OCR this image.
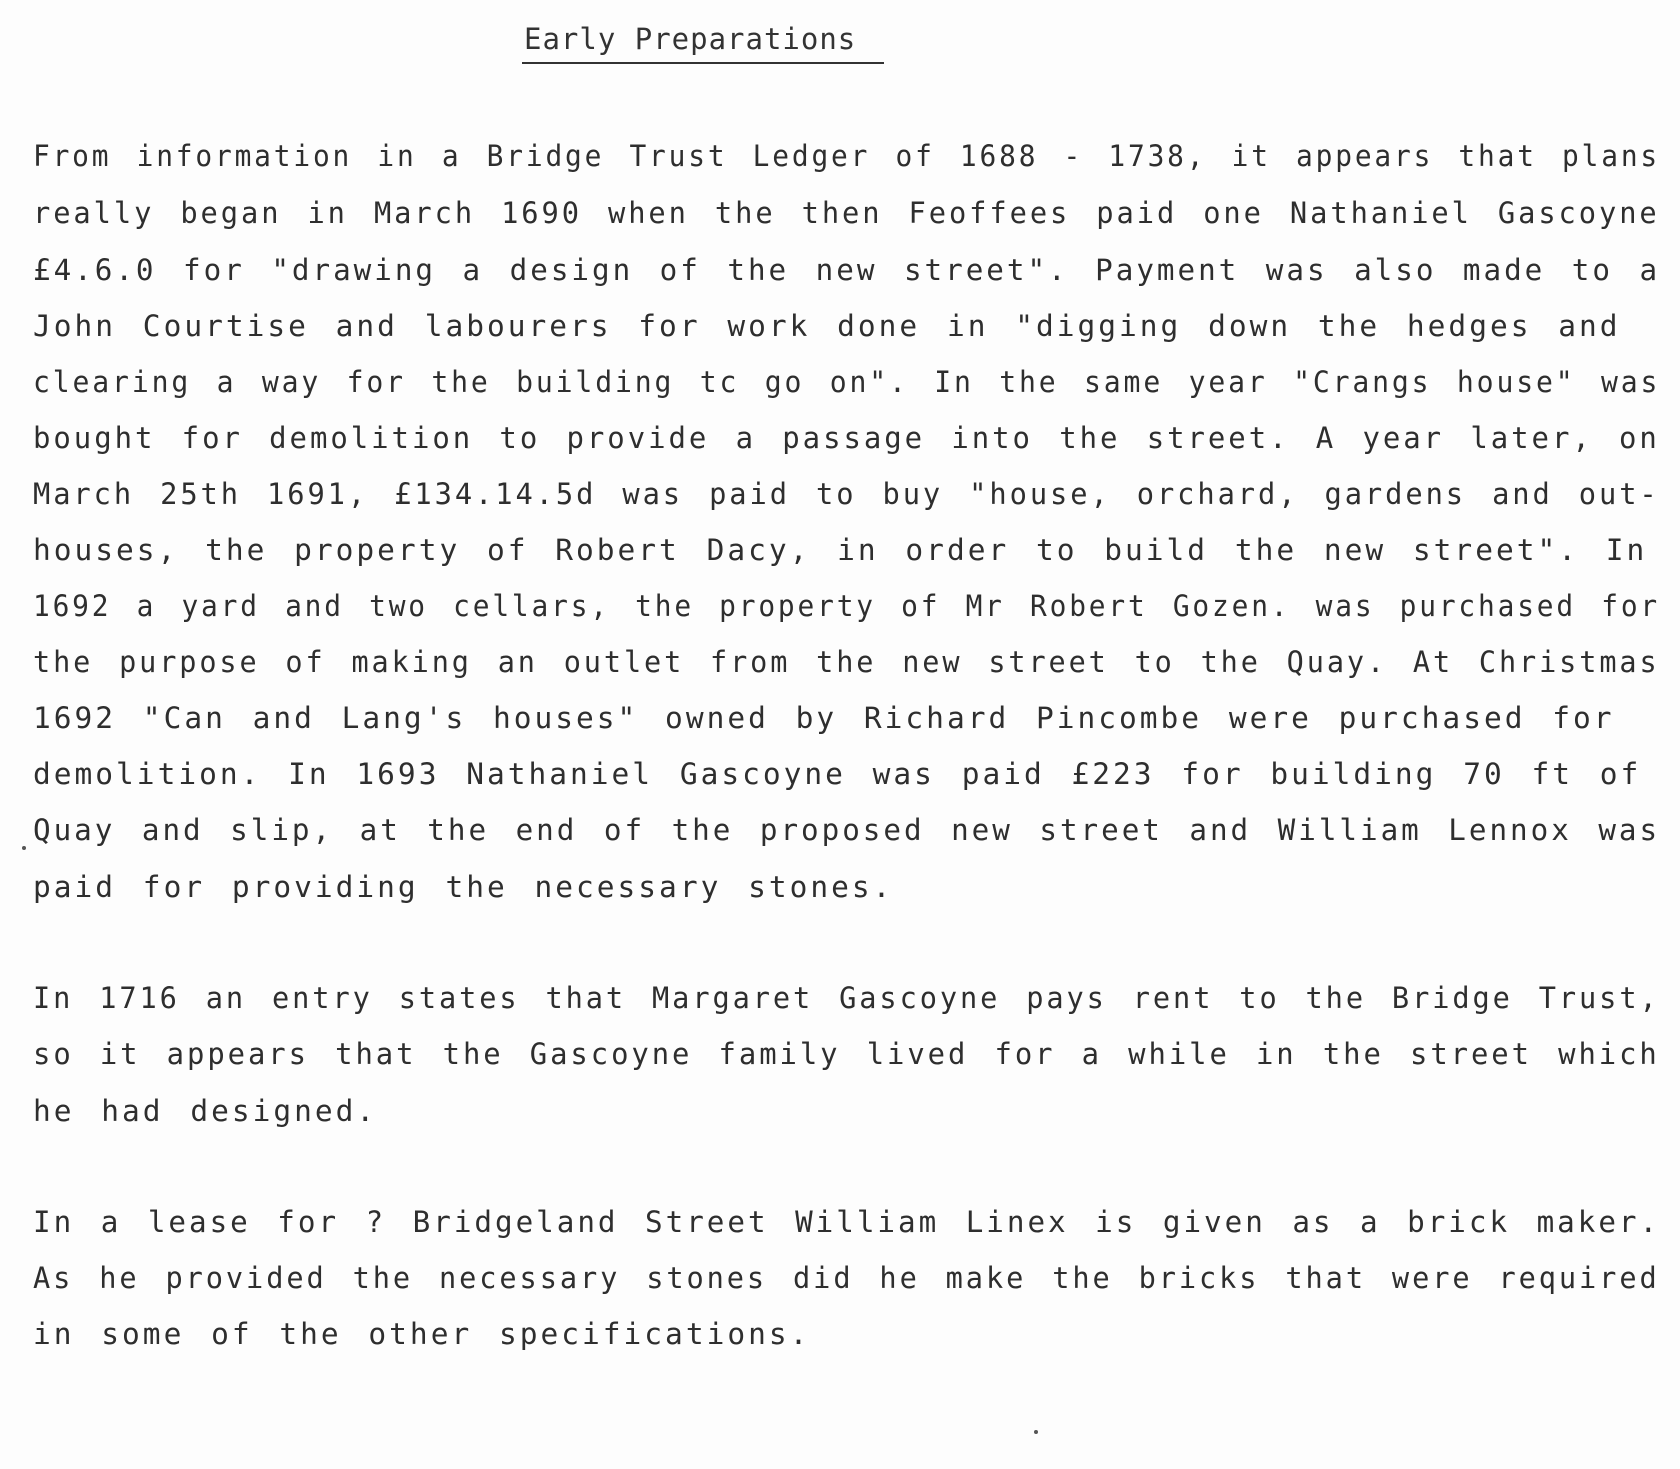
Early Preparations
From information in a Bridge Trust Ledger of 1688 - 1738, it appears that plans
really began in March 1690 when the then Feoffees paid one Nathaniel Gascoyne
£4.6.0 for "drawing a design of the new street". Payment was also made to a
John Courtise and labourers for work done in "digging down the hedges and
clearing a way for the building tc go on". In the same year "Crangs house" was
bought for demolition to provide a passage into the street. A year later, on
March 25th 1691, £134.14.5d was paid to buy "house, orchard, gardens and out-
houses, the property of Robert Dacy, in order to build the new street". In
1692 a yard and two cellars, the property of Mr Robert Gozen. was purchased for
the purpose of making an outlet from the new street to the Quay. At Christmas
1692 "Can and Lang's houses" owned by Richard Pincombe were purchased for
demolition. In 1693 Nathaniel Gascoyne was paid £223 for building 70 ft of
Quay and slip, at the end of the proposed new street and William Lennox was
paid for providing the necessary stones.
In 1716 an entry states that Margaret Gascoyne pays rent to the Bridge Trust,
so it appears that the Gascoyne family lived for a while in the street which
he had designed.
In a lease for ? Bridgeland Street William Linex is given as a brick maker.
As he provided the necessary stones did he make the bricks that were required
in some of the other specifications.
